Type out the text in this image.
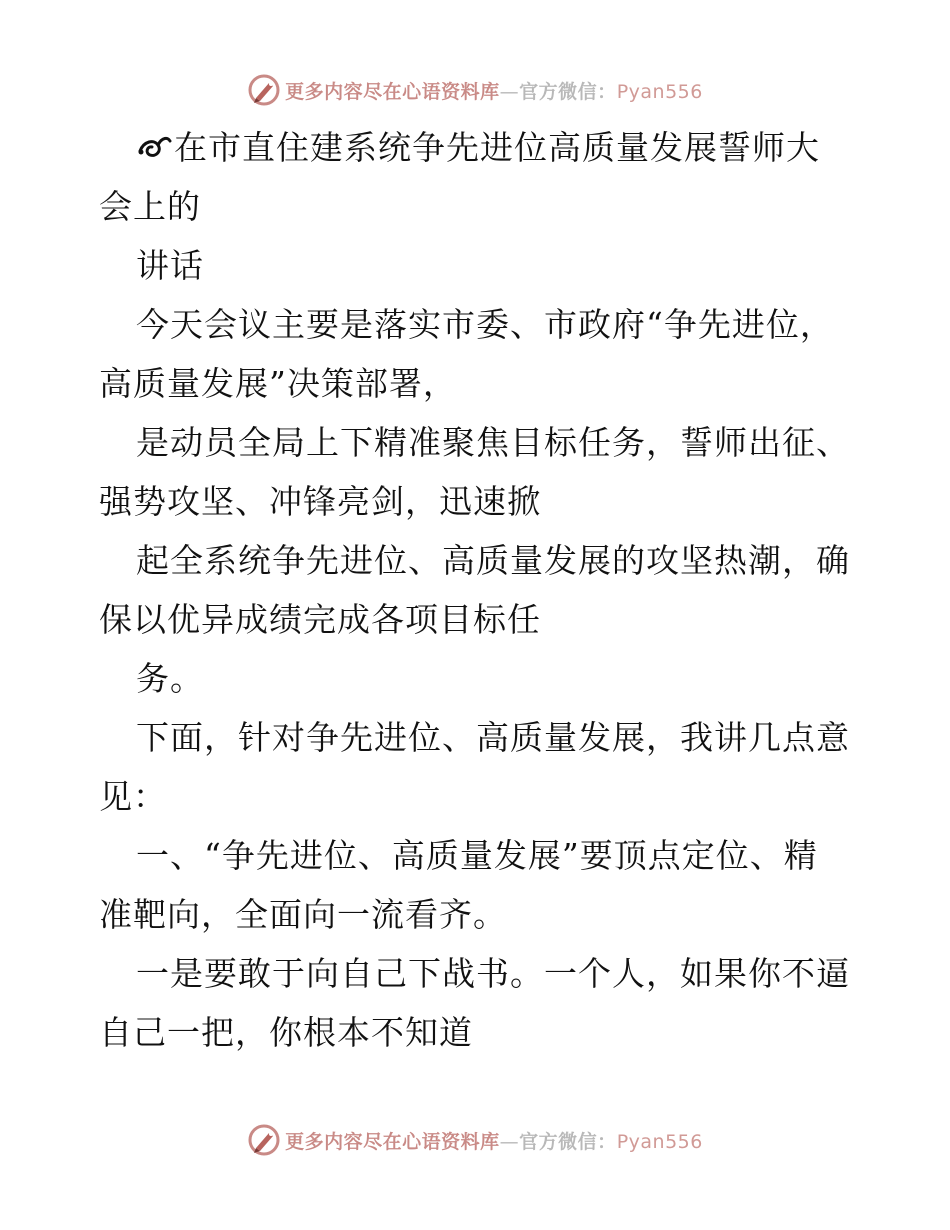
更多内容尽在心语资料库—官方微信：Pyan556
在市直住建系统争先进位高质量发展誓师大
会上的
讲话
今天会议主要是落实市委、市政府“争先进位，
高质量发展”决策部署，
是动员全局上下精准聚焦目标任务，誓师出征、
强势攻坚、冲锋亮剑，迅速掀
起全系统争先进位、高质量发展的攻坚热潮，确
保以优异成绩完成各项目标任
务。
下面，针对争先进位、高质量发展，我讲几点意
见：
一、“争先进位、高质量发展”要顶点定位、精
准靶向，全面向一流看齐。
一是要敢于向自己下战书。一个人，如果你不逼
自己一把，你根本不知道
更多内容尽在心语资料库—官方微信：Pyan556
